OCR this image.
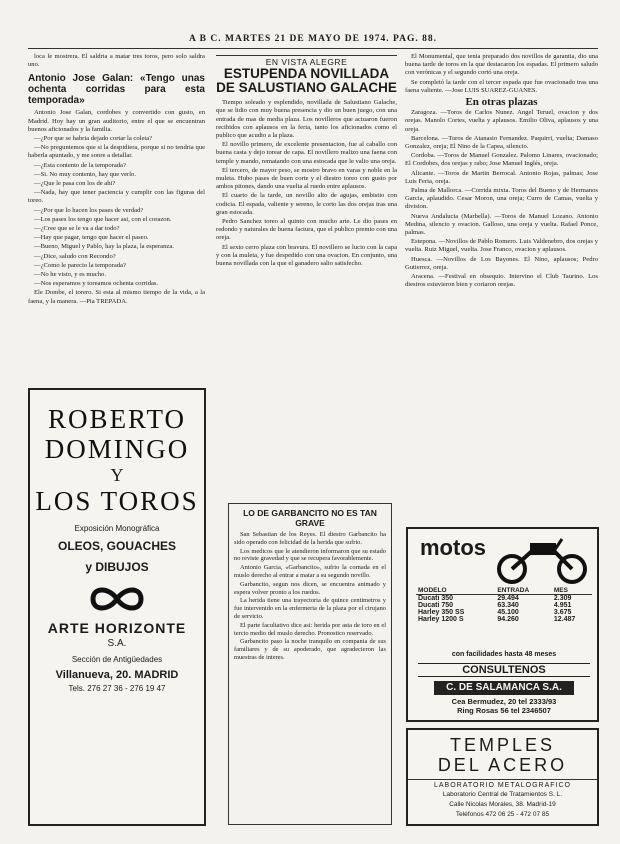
A B C. MARTES 21 DE MAYO DE 1974. PAG. 88.

loca le mostrera. El saldria a matar tres toros, pero solo saldra uno.

Antonio Jose Galan: «Tengo unas ochenta corridas para esta temporada»

Antonio Jose Galan, cordobes y convertido con gusto, en Madrid. Hoy hay un gran auditorio, entre el que se encuentran buenos aficionados y la familia.

—¿Por que se habria dejado cortar la coleta?

—No preguntemos que si la despidiera, porque si no tendria que haberla apuntado, y me sonre a detallar.

—¿Esta contento de la temporada?

—Si. No muy contento, hay que verlo.

—¿Que le pasa con los de ahi?

—Nada, hay que tener paciencia y cumplir con las figuras del toreo.

—¿Por que lo hacen los pases de verdad?

—Los pases los tengo que hacer asi, con el corazon.

—¿Cree que se le va a dar todo?

—Hay que pagar, tengo que hacer el paseo.

—Bueno, Miguel y Pablo, hay la plaza, la esperanza.

—¿Dice, saludo con Recondo?

—¿Como le parecio la temporada?

—No he visto, y es mucho.

—Nos esperamos y toreamos ochenta corridas.

Ele Dombe, el torero. Si esta al mismo tiempo de la vida, a la faena, y la manera. —Pia TREPADA.

EN VISTA ALEGRE
ESTUPENDA NOVILLADA DE SALUSTIANO GALACHE

Tiempo soleado y esplendido, novillada de Salustiano Galache, que se lidio con muy buena presencia y dio un buen juego, con una entrada de mas de media plaza. Los novilleros que actuaron fueron recibidos con aplausos en la feria, tanto los aficionados como el publico que acudio a la plaza.

El novillo primero, de excelente presentacion, fue al caballo con buena casta y dejo torear de capa. El novillero realizo una faena con temple y mando, rematando con una estocada que le valio una oreja.

El tercero, de mayor peso, se mostro bravo en varas y noble en la muleta. Hubo pases de buen corte y el diestro toreo con gusto por ambos pitones, dando una vuelta al ruedo entre aplausos.

El cuarto de la tarde, un novillo alto de agujas, embistio con codicia. El espada, valiente y sereno, le corto las dos orejas tras una gran estocada.

Pedro Sanchez toreo al quinto con mucho arte. Le dio pases en redondo y naturales de buena factura, que el publico premio con una oreja.

El sexto cerro plaza con bravura. El novillero se lucio con la capa y con la muleta, y fue despedido con una ovacion. En conjunto, una buena novillada con la que el ganadero salio satisfecho.

LO DE GARBANCITO NO ES TAN GRAVE

San Sebastian de los Reyes. El diestro Garbancito ha sido operado con felicidad de la herida que sufrio.

Los medicos que le atendieron informaron que su estado no reviste gravedad y que se recupera favorablemente.

Antonio Garcia, «Garbancito», sufrio la cornada en el muslo derecho al entrar a matar a su segundo novillo.

Garbancito, segun nos dicen, se encuentra animado y espera volver pronto a los ruedos.

La herida tiene una trayectoria de quince centimetros y fue intervenido en la enfermeria de la plaza por el cirujano de servicio.

El parte facultativo dice asi: herida por asta de toro en el tercio medio del muslo derecho. Pronostico reservado.

Garbancito paso la noche tranquilo en compania de sus familiares y de su apoderado, que agradecieron las muestras de interes.

El Monumental, que tenia preparado dos novillos de garantia, dio una buena tarde de toros en la que destacaron los espadas. El primero saludo con verónicas y el segundo cortó una oreja.

Se completó la tarde con el tercer espada que fue ovacionado tras una faena valiente. —Jose LUIS SUAREZ-GUANES.

En otras plazas

Zaragoza. —Toros de Carlos Nunez. Angel Teruel, ovacion y dos orejas. Manolo Cortes, vuelta y aplausos. Emilio Oliva, aplausos y una oreja.

Barcelona. —Toros de Atanasio Fernandez. Paquirri, vuelta; Damaso Gonzalez, oreja; El Nino de la Capea, silencio.

Cordoba. —Toros de Manuel Gonzalez. Palomo Linares, ovacionado; El Cordobes, dos orejas y rabo; Jose Manuel Inglés, oreja.

Alicante. —Toros de Martin Berrocal. Antonio Rojas, palmas; Jose Luis Feria, oreja.

Palma de Mallorca. —Corrida mixta. Toros del Bueno y de Hermanos Garcia, aplaudido. Cesar Moron, una oreja; Curro de Camas, vuelta y division.

Nueva Andalucia (Marbella). —Toros de Manuel Lozano. Antonio Medina, silencio y ovacion. Galloso, una oreja y vuelta. Rafael Ponce, palmas.

Estepona. —Novillos de Pablo Romero. Luis Valdenebro, dos orejas y vuelta. Ruiz Miguel, vuelta. Jose Franco, ovacion y aplausos.

Huesca. —Novillos de Los Bayones. El Nino, aplausos; Pedro Gutierrez, oreja.

Aracena. —Festival en obsequio. Intervino el Club Taurino. Los diestros estuvieron bien y cortaron orejas.

ROBERTO
DOMINGO
Y
LOS TOROS
Exposición Monográfica
OLEOS, GOUACHES
y DIBUJOS
ARTE HORIZONTE
S.A.
Sección de Antigüedades
Villanueva, 20. MADRID
Tels. 276 27 36 - 276 19 47
motos
MODELO	ENTRADA	MES
Ducati 350	29.494	2.309
Ducati 750	63.340	4.951
Harley 350 SS	45.100	3.675
Harley 1200 S	94.260	12.487
con facilidades hasta 48 meses
CONSULTENOS
C. DE SALAMANCA S.A.
Cea Bermudez, 20 tel 2333/93
Ring Rosas 56 tel 2346507
TEMPLES
DEL ACERO
LABORATORIO METALOGRAFICO
Laboratorio Central de Tratamientos S. L.
Calle Nicolas Morales, 38. Madrid-19
Teléfonos 472 06 25 - 472 07 85
